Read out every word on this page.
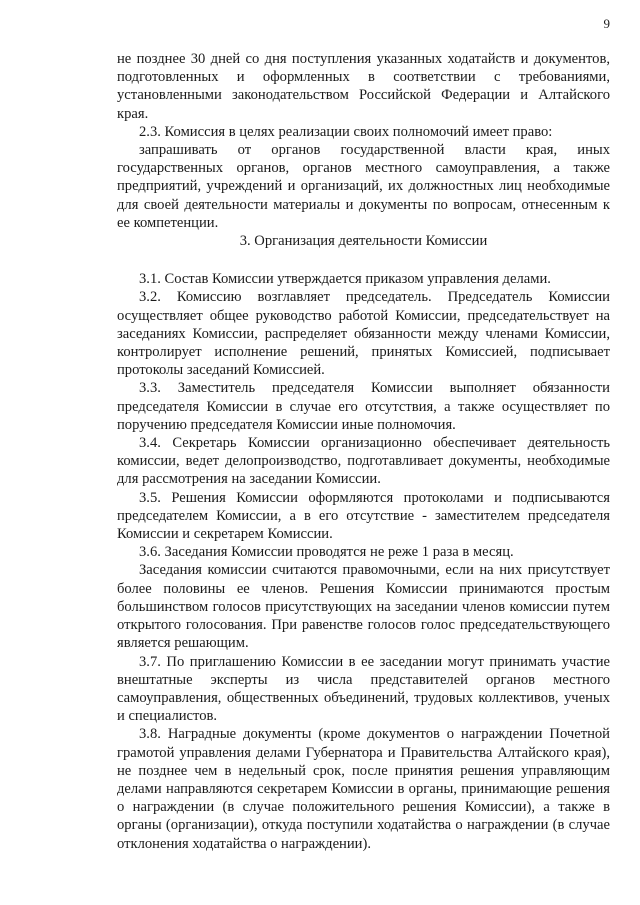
9

не позднее 30 дней со дня поступления указанных ходатайств и документов, подготовленных и оформленных в соответствии с требованиями, установленными законодательством Российской Федерации и Алтайского края.

2.3. Комиссия в целях реализации своих полномочий имеет право:

запрашивать от органов государственной власти края, иных государственных органов, органов местного самоуправления, а также предприятий, учреждений и организаций, их должностных лиц необходимые для своей деятельности материалы и документы по вопросам, отнесенным к ее компетенции.

3. Организация деятельности Комиссии

3.1. Состав Комиссии утверждается приказом управления делами.

3.2. Комиссию возглавляет председатель. Председатель Комиссии осуществляет общее руководство работой Комиссии, председательствует на заседаниях Комиссии, распределяет обязанности между членами Комиссии, контролирует исполнение решений, принятых Комиссией, подписывает протоколы заседаний Комиссией.

3.3. Заместитель председателя Комиссии выполняет обязанности председателя Комиссии в случае его отсутствия, а также осуществляет по поручению председателя Комиссии иные полномочия.

3.4. Секретарь Комиссии организационно обеспечивает деятельность комиссии, ведет делопроизводство, подготавливает документы, необходимые для рассмотрения на заседании Комиссии.

3.5. Решения Комиссии оформляются протоколами и подписываются председателем Комиссии, а в его отсутствие - заместителем председателя Комиссии и секретарем Комиссии.

3.6. Заседания Комиссии проводятся не реже 1 раза в месяц.

Заседания комиссии считаются правомочными, если на них присутствует более половины ее членов. Решения Комиссии принимаются простым большинством голосов присутствующих на заседании членов комиссии путем открытого голосования. При равенстве голосов голос председательствующего является решающим.

3.7. По приглашению Комиссии в ее заседании могут принимать участие внештатные эксперты из числа представителей органов местного самоуправления, общественных объединений, трудовых коллективов, ученых и специалистов.

3.8. Наградные документы (кроме документов о награждении Почетной грамотой управления делами Губернатора и Правительства Алтайского края), не позднее чем в недельный срок, после принятия решения управляющим делами направляются секретарем Комиссии в органы, принимающие решения о награждении (в случае положительного решения Комиссии), а также в органы (организации), откуда поступили ходатайства о награждении (в случае отклонения ходатайства о награждении).
